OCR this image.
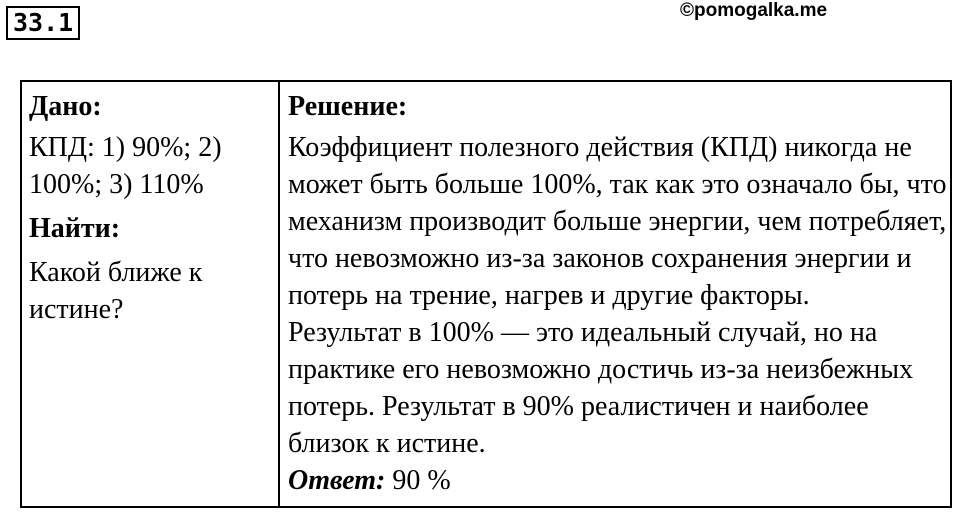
33.1	©pomogalka.me
Дано:
КПД: 1) 90%; 2) 100%; 3) 110%
Найти:
Какой ближе к истине?
Решение:
Коэффициент полезного действия (КПД) никогда не может быть больше 100%, так как это означало бы, что механизм производит больше энергии, чем потребляет, что невозможно из-за законов сохранения энергии и потерь на трение, нагрев и другие факторы.
Результат в 100% — это идеальный случай, но на практике его невозможно достичь из-за неизбежных потерь. Результат в 90% реалистичен и наиболее близок к истине.
Ответ: 90 %
